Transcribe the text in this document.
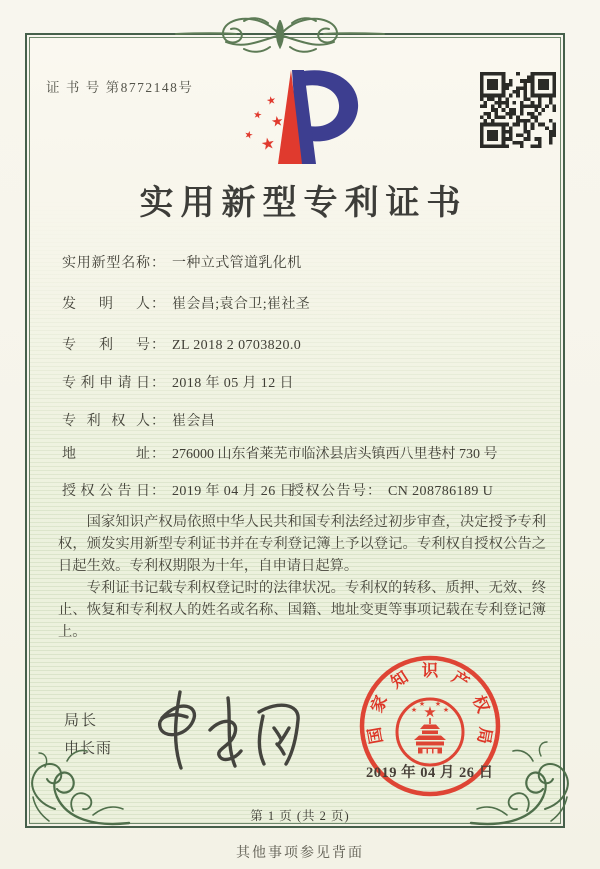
证 书 号 第8772148号
★
★ ★
★ ★
实用新型专利证书
实用新型名称： 一种立式管道乳化机
发明人： 崔会昌;袁合卫;崔社圣
专利号： ZL 2018 2 0703820.0
专利申请日： 2018 年 05 月 12 日
专利权人： 崔会昌
地址： 276000 山东省莱芜市临沭县店头镇西八里巷村 730 号
授权公告日： 2019 年 04 月 26 日
授权公告号： CN 208786189 U

国家知识产权局依照中华人民共和国专利法经过初步审查，决定授予专利权，颁发实用新型专利证书并在专利登记簿上予以登记。专利权自授权公告之日起生效。专利权期限为十年，自申请日起算。

专利证书记载专利权登记时的法律状况。专利权的转移、质押、无效、终止、恢复和专利权人的姓名或名称、国籍、地址变更等事项记载在专利登记簿上。

局长
申长雨
国
家
知 识 产
权
局
★
★
★ ★
★
2019 年 04 月 26 日
第 1 页 (共 2 页)
其他事项参见背面
